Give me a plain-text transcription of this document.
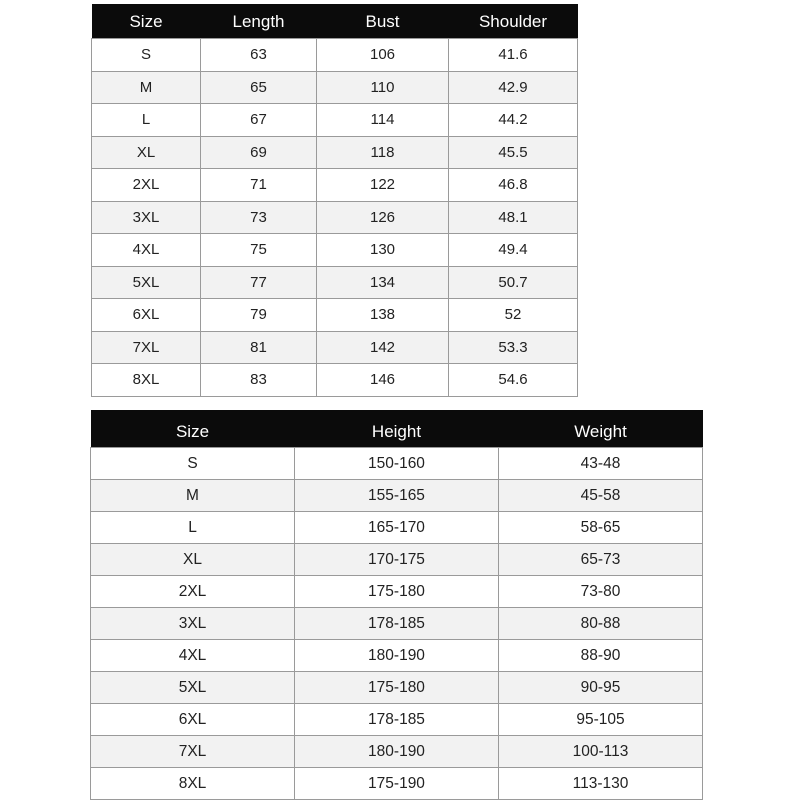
Size	Length	Bust	Shoulder
S	63	106	41.6
M	65	110	42.9
L	67	114	44.2
XL	69	118	45.5
2XL	71	122	46.8
3XL	73	126	48.1
4XL	75	130	49.4
5XL	77	134	50.7
6XL	79	138	52
7XL	81	142	53.3
8XL	83	146	54.6
Size	Height	Weight
S	150-160	43-48
M	155-165	45-58
L	165-170	58-65
XL	170-175	65-73
2XL	175-180	73-80
3XL	178-185	80-88
4XL	180-190	88-90
5XL	175-180	90-95
6XL	178-185	95-105
7XL	180-190	100-113
8XL	175-190	113-130
